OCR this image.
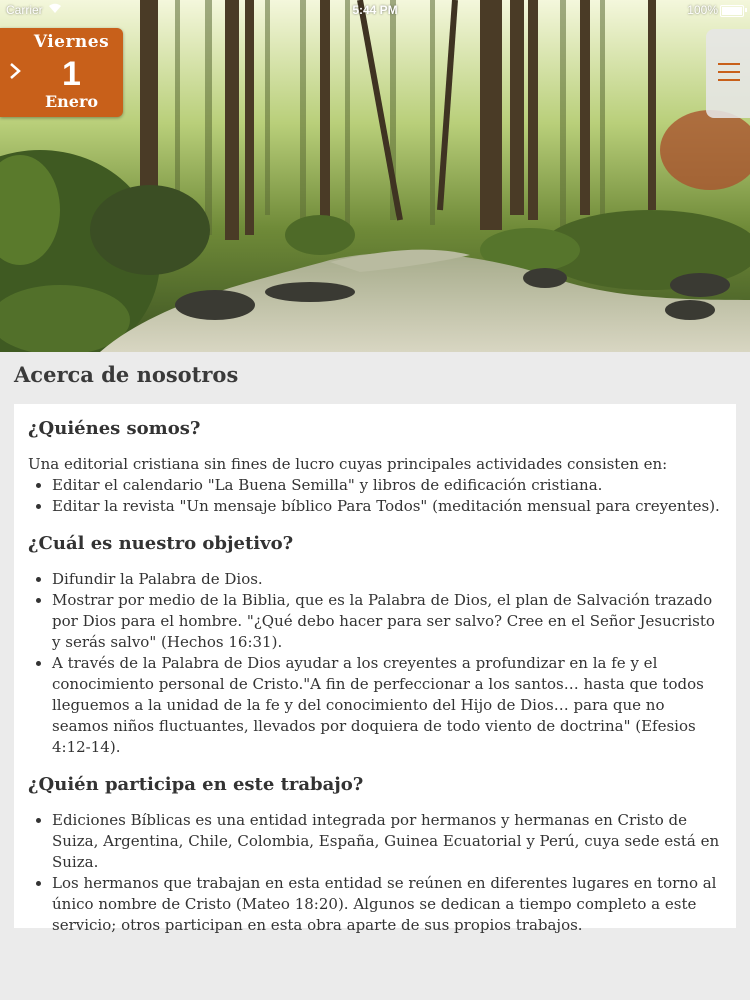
Carrier	5:44 PM	100%
Viernes
1
Enero
Acerca de nosotros
¿Quiénes somos?

Una editorial cristiana sin fines de lucro cuyas principales actividades consisten en:

• Editar el calendario "La Buena Semilla" y libros de edificación cristiana.
• Editar la revista "Un mensaje bíblico Para Todos" (meditación mensual para creyentes).
¿Cuál es nuestro objetivo?
• Difundir la Palabra de Dios.
• Mostrar por medio de la Biblia, que es la Palabra de Dios, el plan de Salvación trazado por Dios para el hombre. "¿Qué debo hacer para ser salvo? Cree en el Señor Jesucristo y serás salvo" (Hechos 16:31).
• A través de la Palabra de Dios ayudar a los creyentes a profundizar en la fe y el conocimiento personal de Cristo."A fin de perfeccionar a los santos… hasta que todos lleguemos a la unidad de la fe y del conocimiento del Hijo de Dios… para que no seamos niños fluctuantes, llevados por doquiera de todo viento de doctrina" (Efesios 4:12-14).
¿Quién participa en este trabajo?
• Ediciones Bíblicas es una entidad integrada por hermanos y hermanas en Cristo de Suiza, Argentina, Chile, Colombia, España, Guinea Ecuatorial y Perú, cuya sede está en Suiza.
• Los hermanos que trabajan en esta entidad se reúnen en diferentes lugares en torno al único nombre de Cristo (Mateo 18:20). Algunos se dedican a tiempo completo a este servicio; otros participan en esta obra aparte de sus propios trabajos.
